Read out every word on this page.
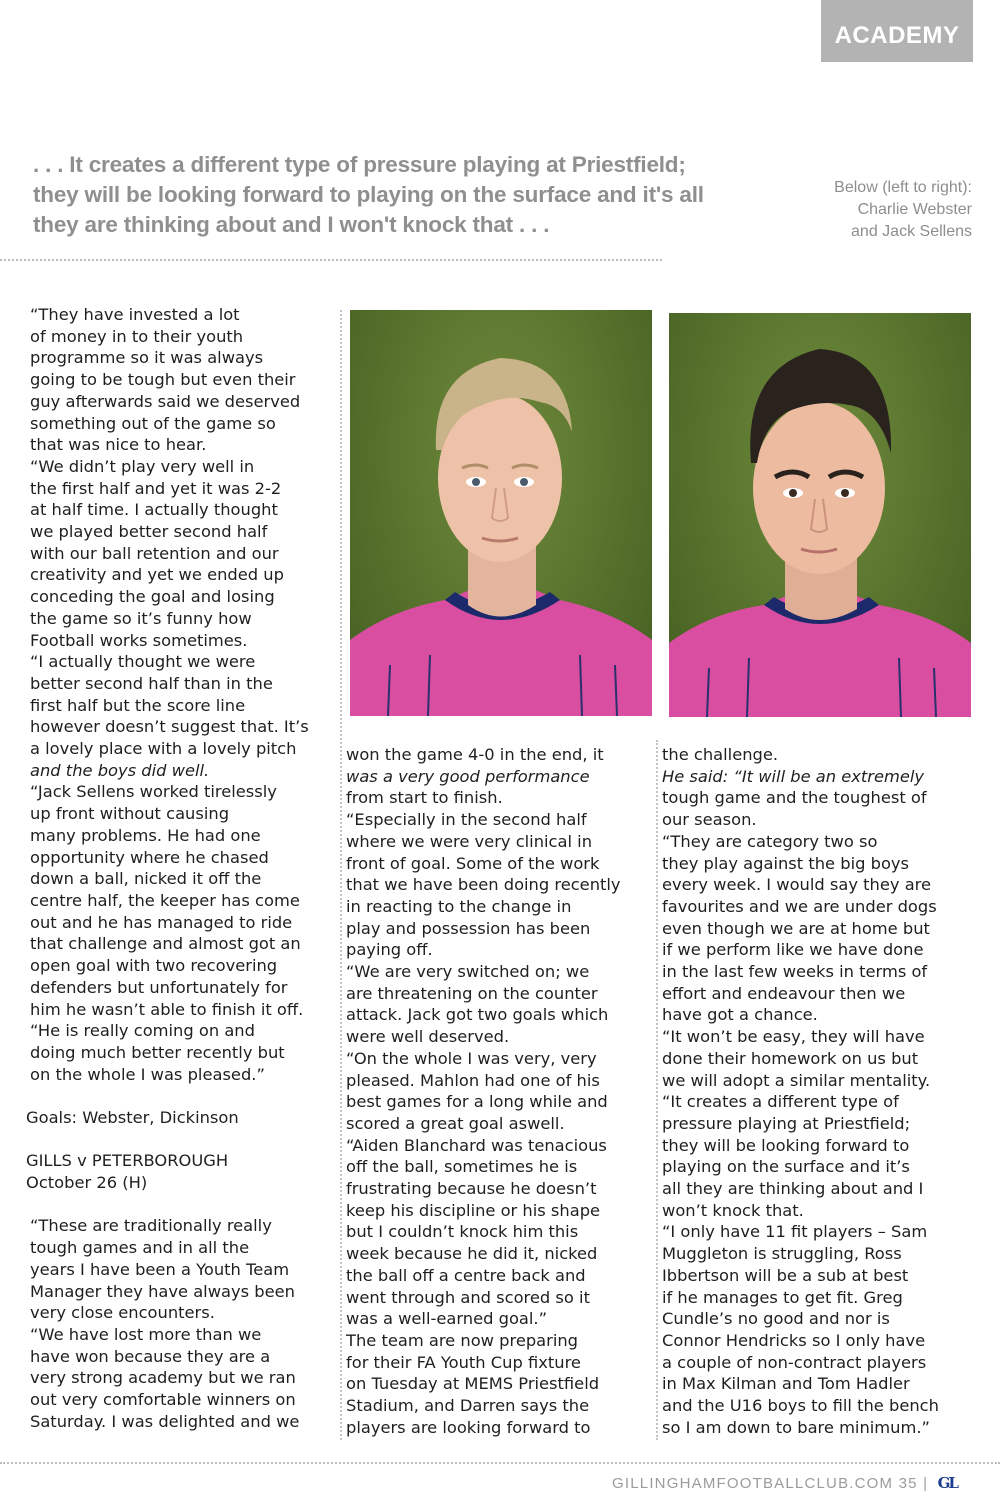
ACADEMY
. . . It creates a different type of pressure playing at Priestfield;
they will be looking forward to playing on the surface and it's all
they are thinking about and I won't knock that . . .
Below (left to right):
Charlie Webster
and Jack Sellens
“They have invested a lot
of money in to their youth
programme so it was always
going to be tough but even their
guy afterwards said we deserved
something out of the game so
that was nice to hear.
“We didn’t play very well in
the first half and yet it was 2-2
at half time. I actually thought
we played better second half
with our ball retention and our
creativity and yet we ended up
conceding the goal and losing
the game so it’s funny how
Football works sometimes.
“I actually thought we were
better second half than in the
first half but the score line
however doesn’t suggest that. It’s
a lovely place with a lovely pitch
and the boys did well.
“Jack Sellens worked tirelessly
up front without causing
many problems. He had one
opportunity where he chased
down a ball, nicked it off the
centre half, the keeper has come
out and he has managed to ride
that challenge and almost got an
open goal with two recovering
defenders but unfortunately for
him he wasn’t able to finish it off.
“He is really coming on and
doing much better recently but
on the whole I was pleased.”
Goals: Webster, Dickinson
GILLS v PETERBOROUGH
October 26 (H)
“These are traditionally really
tough games and in all the
years I have been a Youth Team
Manager they have always been
very close encounters.
“We have lost more than we
have won because they are a
very strong academy but we ran
out very comfortable winners on
Saturday. I was delighted and we
won the game 4-0 in the end, it
was a very good performance
from start to finish.
“Especially in the second half
where we were very clinical in
front of goal. Some of the work
that we have been doing recently
in reacting to the change in
play and possession has been
paying off.
“We are very switched on; we
are threatening on the counter
attack. Jack got two goals which
were well deserved.
“On the whole I was very, very
pleased. Mahlon had one of his
best games for a long while and
scored a great goal aswell.
“Aiden Blanchard was tenacious
off the ball, sometimes he is
frustrating because he doesn’t
keep his discipline or his shape
but I couldn’t knock him this
week because he did it, nicked
the ball off a centre back and
went through and scored so it
was a well-earned goal.”
The team are now preparing
for their FA Youth Cup fixture
on Tuesday at MEMS Priestfield
Stadium, and Darren says the
players are looking forward to
the challenge.
He said: “It will be an extremely
tough game and the toughest of
our season.
“They are category two so
they play against the big boys
every week. I would say they are
favourites and we are under dogs
even though we are at home but
if we perform like we have done
in the last few weeks in terms of
effort and endeavour then we
have got a chance.
“It won’t be easy, they will have
done their homework on us but
we will adopt a similar mentality.
“It creates a different type of
pressure playing at Priestfield;
they will be looking forward to
playing on the surface and it’s
all they are thinking about and I
won’t knock that.
“I only have 11 fit players – Sam
Muggleton is struggling, Ross
Ibbertson will be a sub at best
if he manages to get fit. Greg
Cundle’s no good and nor is
Connor Hendricks so I only have
a couple of non-contract players
in Max Kilman and Tom Hadler
and the U16 boys to fill the bench
so I am down to bare minimum.”
GILLINGHAMFOOTBALLCLUB.COM 35 | GL
